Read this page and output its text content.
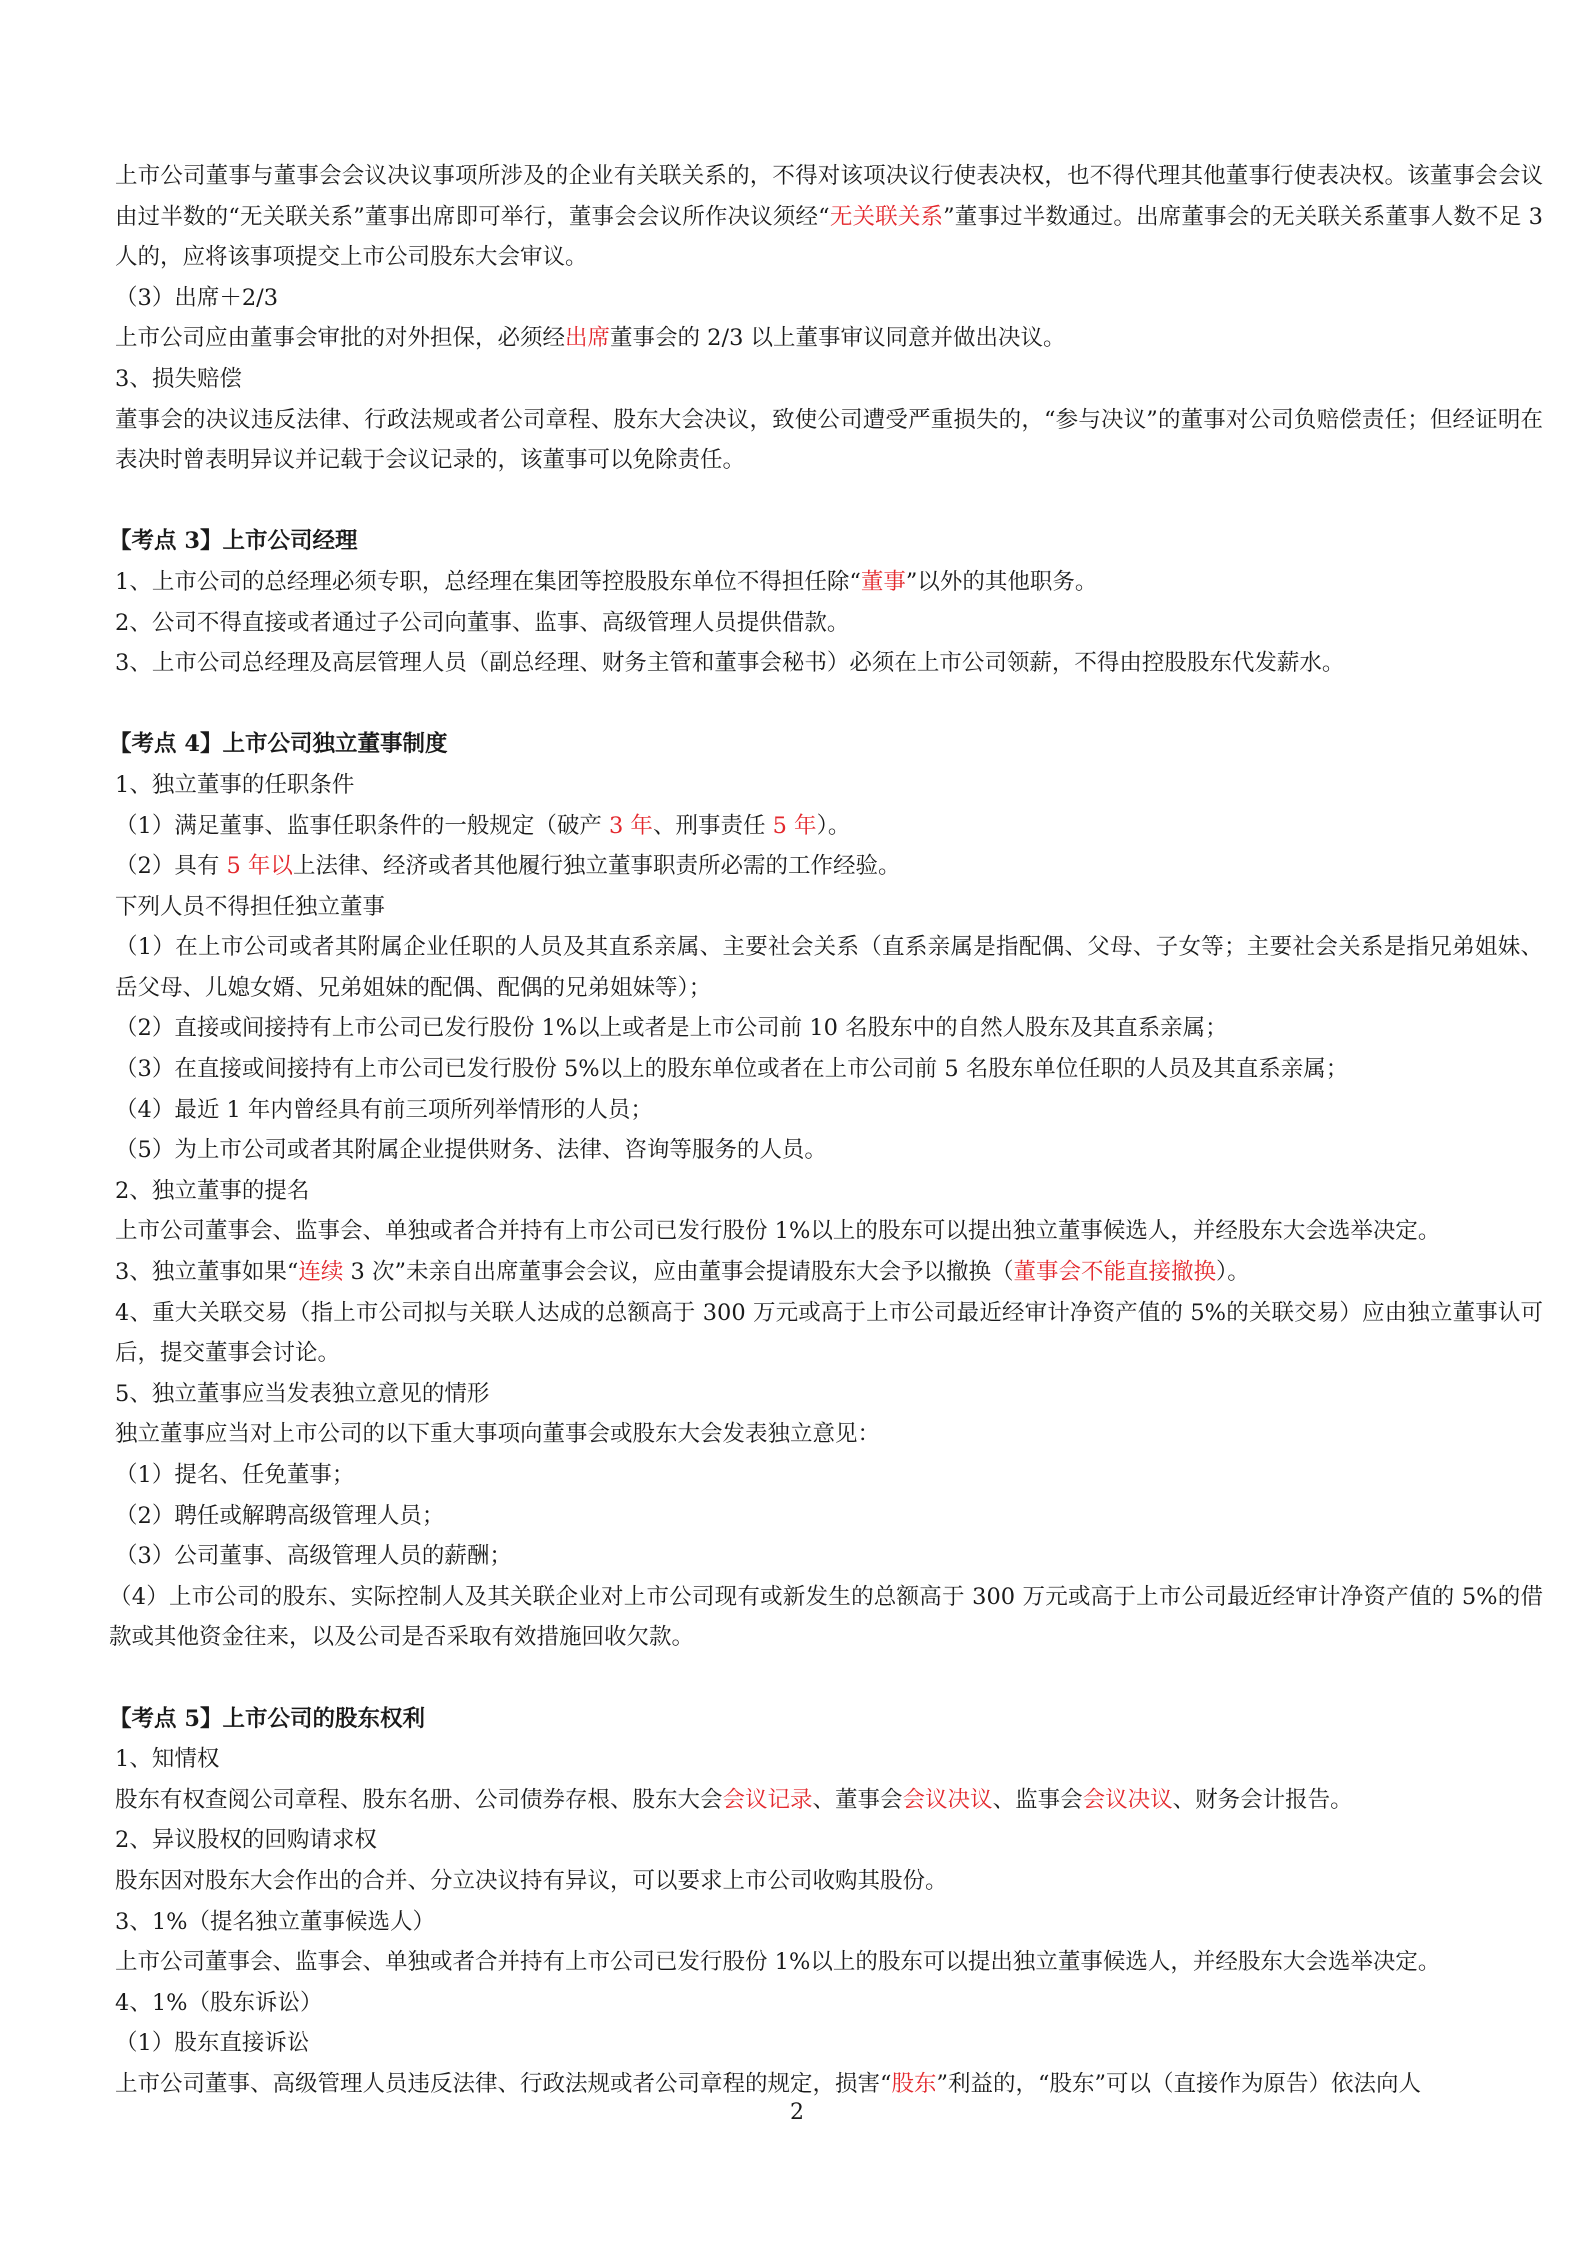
上市公司董事与董事会会议决议事项所涉及的企业有关联关系的，不得对该项决议行使表决权，也不得代理其他董事行使表决权。该董事会会议由过半数的“无关联关系”董事出席即可举行，董事会会议所作决议须经“无关联关系”董事过半数通过。出席董事会的无关联关系董事人数不足 3 人的，应将该事项提交上市公司股东大会审议。

（3）出席＋2/3

上市公司应由董事会审批的对外担保，必须经出席董事会的 2/3 以上董事审议同意并做出决议。

3、损失赔偿

董事会的决议违反法律、行政法规或者公司章程、股东大会决议，致使公司遭受严重损失的，“参与决议”的董事对公司负赔偿责任；但经证明在表决时曾表明异议并记载于会议记录的，该董事可以免除责任。

【考点 3】上市公司经理

1、上市公司的总经理必须专职，总经理在集团等控股股东单位不得担任除“董事”以外的其他职务。

2、公司不得直接或者通过子公司向董事、监事、高级管理人员提供借款。

3、上市公司总经理及高层管理人员（副总经理、财务主管和董事会秘书）必须在上市公司领薪，不得由控股股东代发薪水。

【考点 4】上市公司独立董事制度

1、独立董事的任职条件

（1）满足董事、监事任职条件的一般规定（破产 3 年、刑事责任 5 年）。

（2）具有 5 年以上法律、经济或者其他履行独立董事职责所必需的工作经验。

下列人员不得担任独立董事

（1）在上市公司或者其附属企业任职的人员及其直系亲属、主要社会关系（直系亲属是指配偶、父母、子女等；主要社会关系是指兄弟姐妹、岳父母、儿媳女婿、兄弟姐妹的配偶、配偶的兄弟姐妹等）；

（2）直接或间接持有上市公司已发行股份 1%以上或者是上市公司前 10 名股东中的自然人股东及其直系亲属；

（3）在直接或间接持有上市公司已发行股份 5%以上的股东单位或者在上市公司前 5 名股东单位任职的人员及其直系亲属；

（4）最近 1 年内曾经具有前三项所列举情形的人员；

（5）为上市公司或者其附属企业提供财务、法律、咨询等服务的人员。

2、独立董事的提名

上市公司董事会、监事会、单独或者合并持有上市公司已发行股份 1%以上的股东可以提出独立董事候选人，并经股东大会选举决定。

3、独立董事如果“连续 3 次”未亲自出席董事会会议，应由董事会提请股东大会予以撤换（董事会不能直接撤换）。

4、重大关联交易（指上市公司拟与关联人达成的总额高于 300 万元或高于上市公司最近经审计净资产值的 5%的关联交易）应由独立董事认可后，提交董事会讨论。

5、独立董事应当发表独立意见的情形

独立董事应当对上市公司的以下重大事项向董事会或股东大会发表独立意见：

（1）提名、任免董事；

（2）聘任或解聘高级管理人员；

（3）公司董事、高级管理人员的薪酬；

（4）上市公司的股东、实际控制人及其关联企业对上市公司现有或新发生的总额高于 300 万元或高于上市公司最近经审计净资产值的 5%的借款或其他资金往来，以及公司是否采取有效措施回收欠款。

【考点 5】上市公司的股东权利

1、知情权

股东有权查阅公司章程、股东名册、公司债券存根、股东大会会议记录、董事会会议决议、监事会会议决议、财务会计报告。

2、异议股权的回购请求权

股东因对股东大会作出的合并、分立决议持有异议，可以要求上市公司收购其股份。

3、1%（提名独立董事候选人）

上市公司董事会、监事会、单独或者合并持有上市公司已发行股份 1%以上的股东可以提出独立董事候选人，并经股东大会选举决定。

4、1%（股东诉讼）

（1）股东直接诉讼

上市公司董事、高级管理人员违反法律、行政法规或者公司章程的规定，损害“股东”利益的，“股东”可以（直接作为原告）依法向人

2
